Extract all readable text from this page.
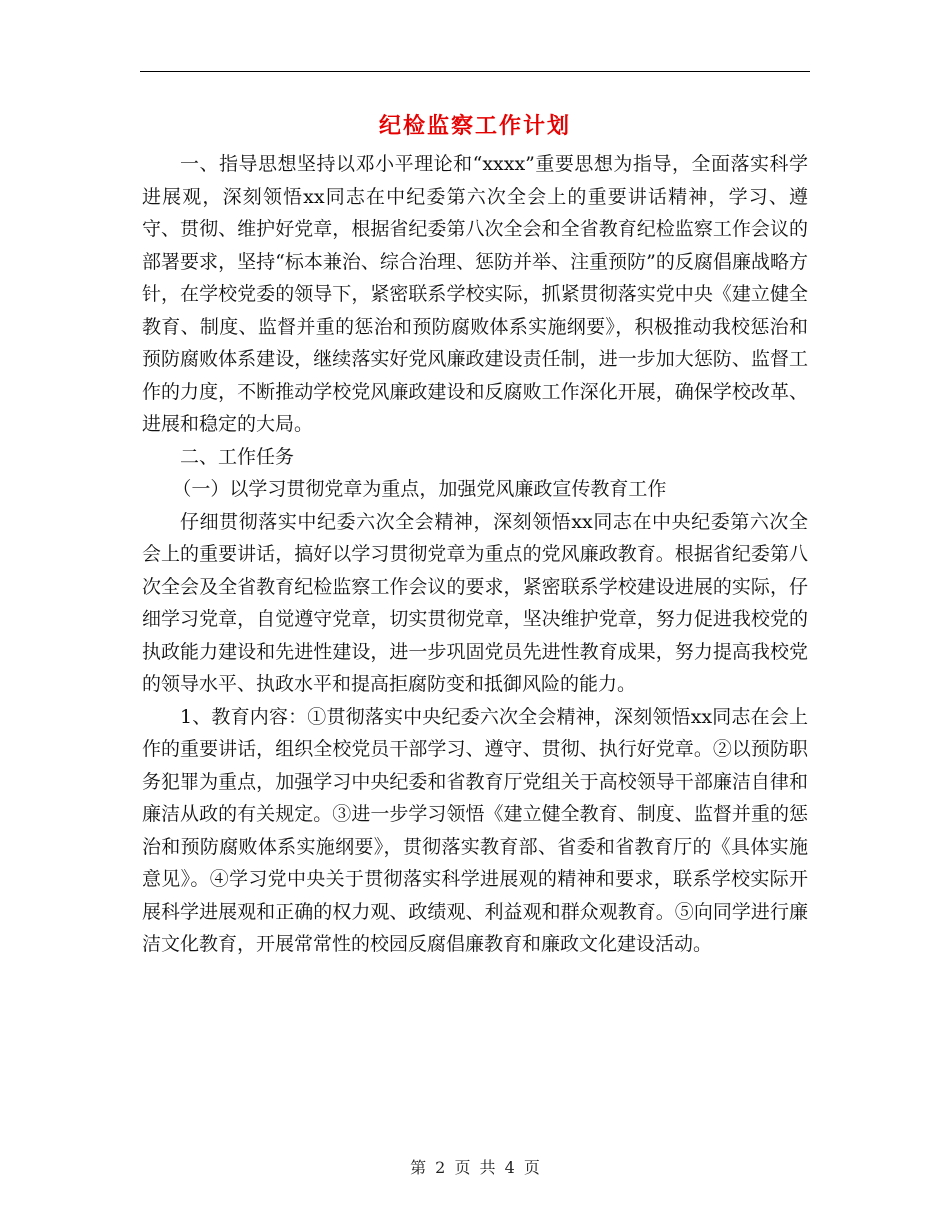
纪检监察工作计划

一、指导思想坚持以邓小平理论和“xxxx”重要思想为指导，全面落实科学进展观，深刻领悟xx同志在中纪委第六次全会上的重要讲话精神，学习、遵守、贯彻、维护好党章，根据省纪委第八次全会和全省教育纪检监察工作会议的部署要求，坚持“标本兼治、综合治理、惩防并举、注重预防”的反腐倡廉战略方针，在学校党委的领导下，紧密联系学校实际，抓紧贯彻落实党中央《建立健全教育、制度、监督并重的惩治和预防腐败体系实施纲要》，积极推动我校惩治和预防腐败体系建设，继续落实好党风廉政建设责任制，进一步加大惩防、监督工作的力度，不断推动学校党风廉政建设和反腐败工作深化开展，确保学校改革、进展和稳定的大局。

二、工作任务

（一）以学习贯彻党章为重点，加强党风廉政宣传教育工作

仔细贯彻落实中纪委六次全会精神，深刻领悟xx同志在中央纪委第六次全会上的重要讲话，搞好以学习贯彻党章为重点的党风廉政教育。根据省纪委第八次全会及全省教育纪检监察工作会议的要求，紧密联系学校建设进展的实际，仔细学习党章，自觉遵守党章，切实贯彻党章，坚决维护党章，努力促进我校党的执政能力建设和先进性建设，进一步巩固党员先进性教育成果，努力提高我校党的领导水平、执政水平和提高拒腐防变和抵御风险的能力。

1、教育内容：①贯彻落实中央纪委六次全会精神，深刻领悟xx同志在会上作的重要讲话，组织全校党员干部学习、遵守、贯彻、执行好党章。②以预防职务犯罪为重点，加强学习中央纪委和省教育厅党组关于高校领导干部廉洁自律和廉洁从政的有关规定。③进一步学习领悟《建立健全教育、制度、监督并重的惩治和预防腐败体系实施纲要》，贯彻落实教育部、省委和省教育厅的《具体实施意见》。④学习党中央关于贯彻落实科学进展观的精神和要求，联系学校实际开展科学进展观和正确的权力观、政绩观、利益观和群众观教育。⑤向同学进行廉洁文化教育，开展常常性的校园反腐倡廉教育和廉政文化建设活动。

第 2 页 共 4 页
